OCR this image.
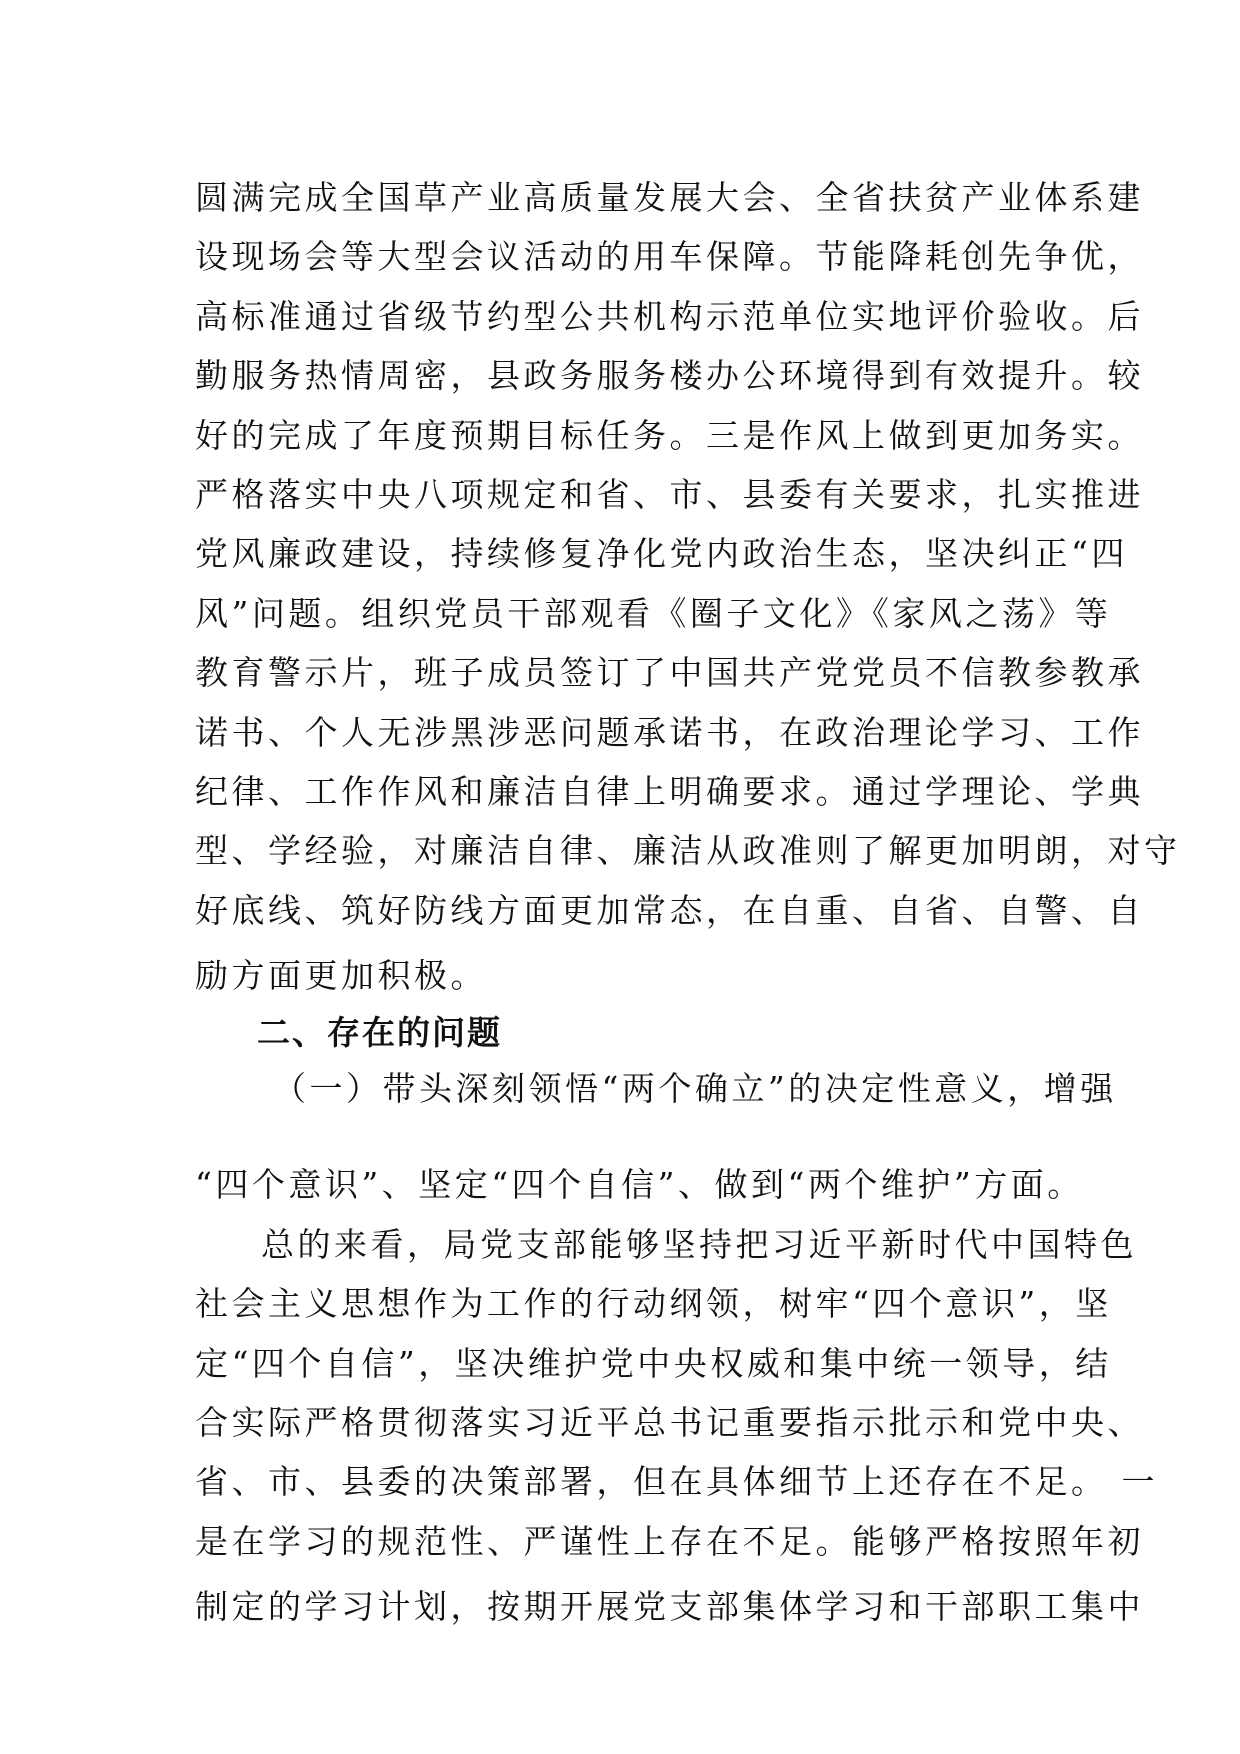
圆满完成全国草产业高质量发展大会、全省扶贫产业体系建
设现场会等大型会议活动的用车保障。节能降耗创先争优，
高标准通过省级节约型公共机构示范单位实地评价验收。后
勤服务热情周密，县政务服务楼办公环境得到有效提升。较
好的完成了年度预期目标任务。三是作风上做到更加务实。
严格落实中央八项规定和省、市、县委有关要求，扎实推进
党风廉政建设，持续修复净化党内政治生态，坚决纠正“四
风”问题。组织党员干部观看《圈子文化》《家风之荡》等
教育警示片，班子成员签订了中国共产党党员不信教参教承
诺书、个人无涉黑涉恶问题承诺书，在政治理论学习、工作
纪律、工作作风和廉洁自律上明确要求。通过学理论、学典
型、学经验，对廉洁自律、廉洁从政准则了解更加明朗，对守
好底线、筑好防线方面更加常态，在自重、自省、自警、自
励方面更加积极。
二、存在的问题
（一）带头深刻领悟“两个确立”的决定性意义，增强
“四个意识”、坚定“四个自信”、做到“两个维护”方面。
总的来看，局党支部能够坚持把习近平新时代中国特色
社会主义思想作为工作的行动纲领，树牢“四个意识”，坚
定“四个自信”，坚决维护党中央权威和集中统一领导，结
合实际严格贯彻落实习近平总书记重要指示批示和党中央、
省、市、县委的决策部署，但在具体细节上还存在不足。 一
是在学习的规范性、严谨性上存在不足。能够严格按照年初
制定的学习计划，按期开展党支部集体学习和干部职工集中
